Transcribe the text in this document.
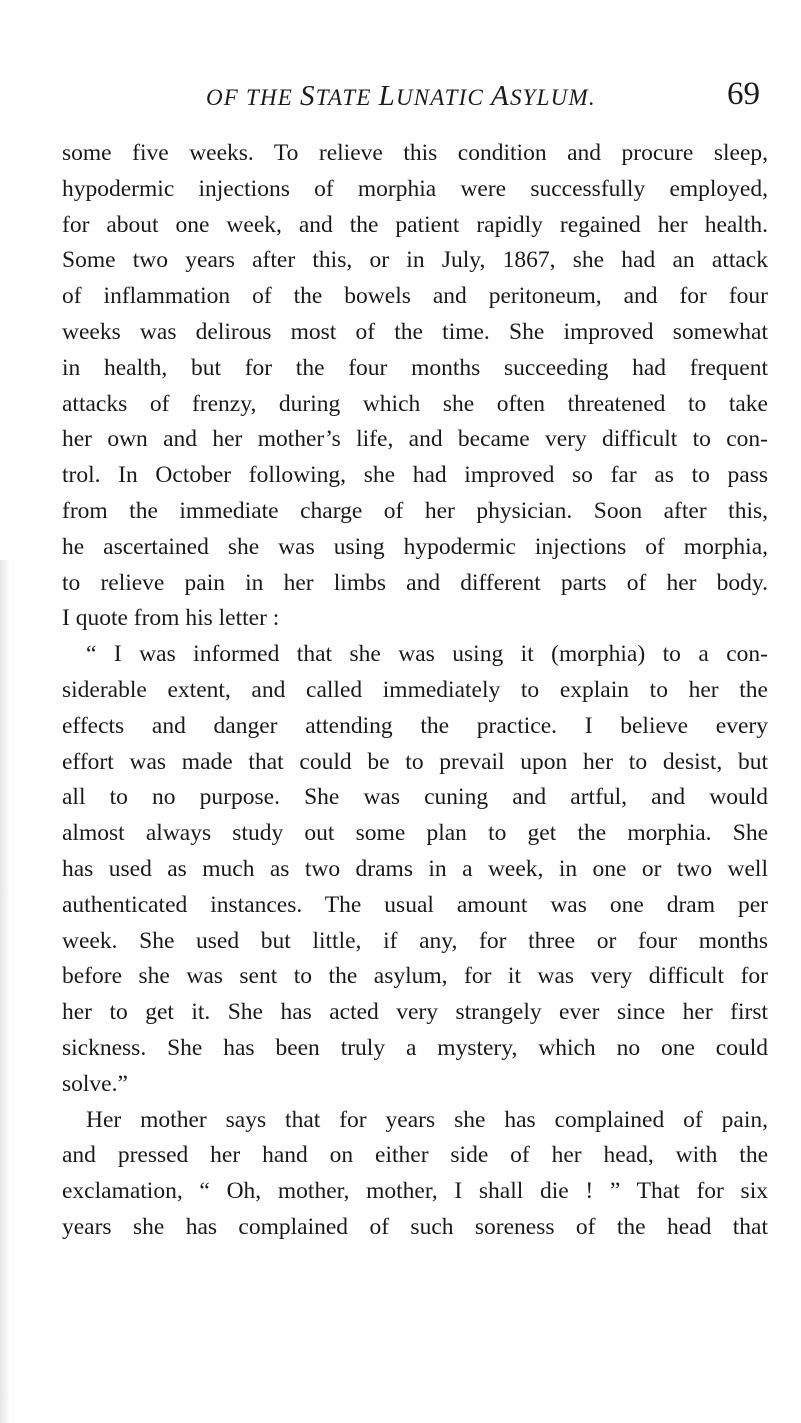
OF THE STATE LUNATIC ASYLUM.	69
some five weeks. To relieve this condition and procure sleep,
hypodermic injections of morphia were successfully employed,
for about one week, and the patient rapidly regained her health.
Some two years after this, or in July, 1867, she had an attack
of inflammation of the bowels and peritoneum, and for four
weeks was delirous most of the time. She improved somewhat
in health, but for the four months succeeding had frequent
attacks of frenzy, during which she often threatened to take
her own and her mother’s life, and became very difficult to con-
trol. In October following, she had improved so far as to pass
from the immediate charge of her physician. Soon after this,
he ascertained she was using hypodermic injections of morphia,
to relieve pain in her limbs and different parts of her body.
I quote from his letter :
“ I was informed that she was using it (morphia) to a con-
siderable extent, and called immediately to explain to her the
effects and danger attending the practice. I believe every
effort was made that could be to prevail upon her to desist, but
all to no purpose. She was cuning and artful, and would
almost always study out some plan to get the morphia. She
has used as much as two drams in a week, in one or two well
authenticated instances. The usual amount was one dram per
week. She used but little, if any, for three or four months
before she was sent to the asylum, for it was very difficult for
her to get it. She has acted very strangely ever since her first
sickness. She has been truly a mystery, which no one could
solve.”
Her mother says that for years she has complained of pain,
and pressed her hand on either side of her head, with the
exclamation, “ Oh, mother, mother, I shall die ! ” That for six
years she has complained of such soreness of the head that
